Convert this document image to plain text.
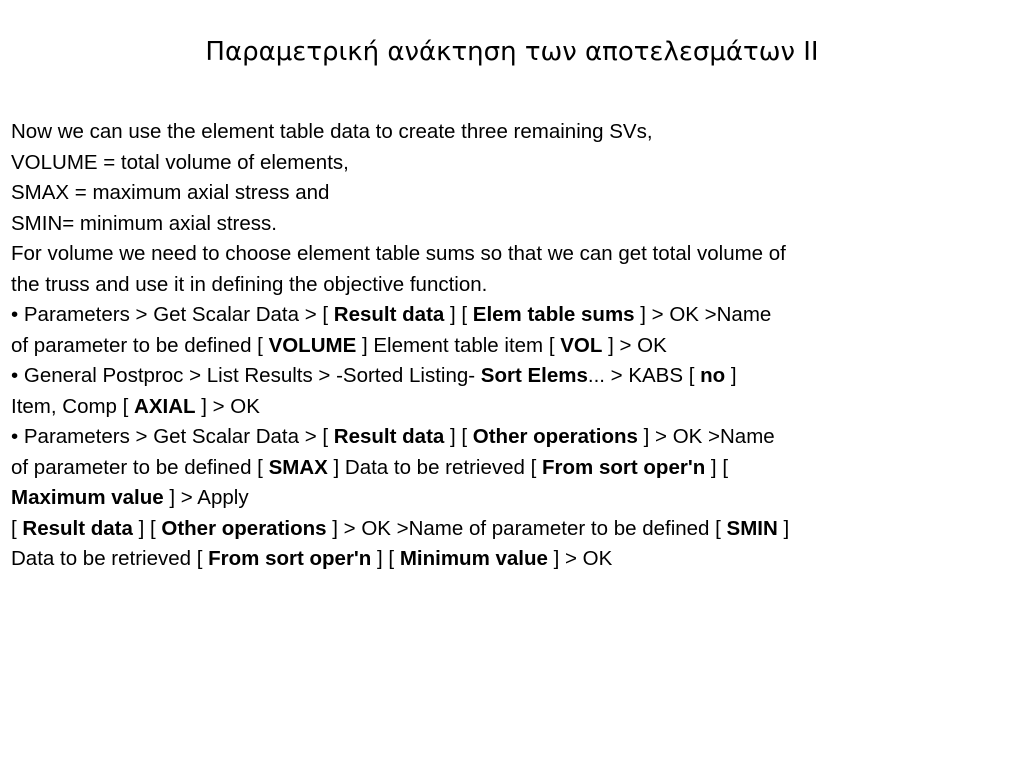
Παραμετρική ανάκτηση των αποτελεσμάτων ΙΙ
Now we can use the element table data to create three remaining SVs,
VOLUME = total volume of elements,
SMAX = maximum axial stress and
SMIN= minimum axial stress.
For volume we need to choose element table sums so that we can get total volume of
the truss and use it in defining the objective function.
• Parameters > Get Scalar Data > [ Result data ] [ Elem table sums ] > OK >Name
of parameter to be defined [ VOLUME ] Element table item [ VOL ] > OK
• General Postproc > List Results > -Sorted Listing- Sort Elems... > KABS [ no ]
Item, Comp [ AXIAL ] > OK
• Parameters > Get Scalar Data > [ Result data ] [ Other operations ] > OK >Name
of parameter to be defined [ SMAX ] Data to be retrieved [ From sort oper'n ] [
Maximum value ] > Apply
[ Result data ] [ Other operations ] > OK >Name of parameter to be defined [ SMIN ]
Data to be retrieved [ From sort oper'n ] [ Minimum value ] > OK
